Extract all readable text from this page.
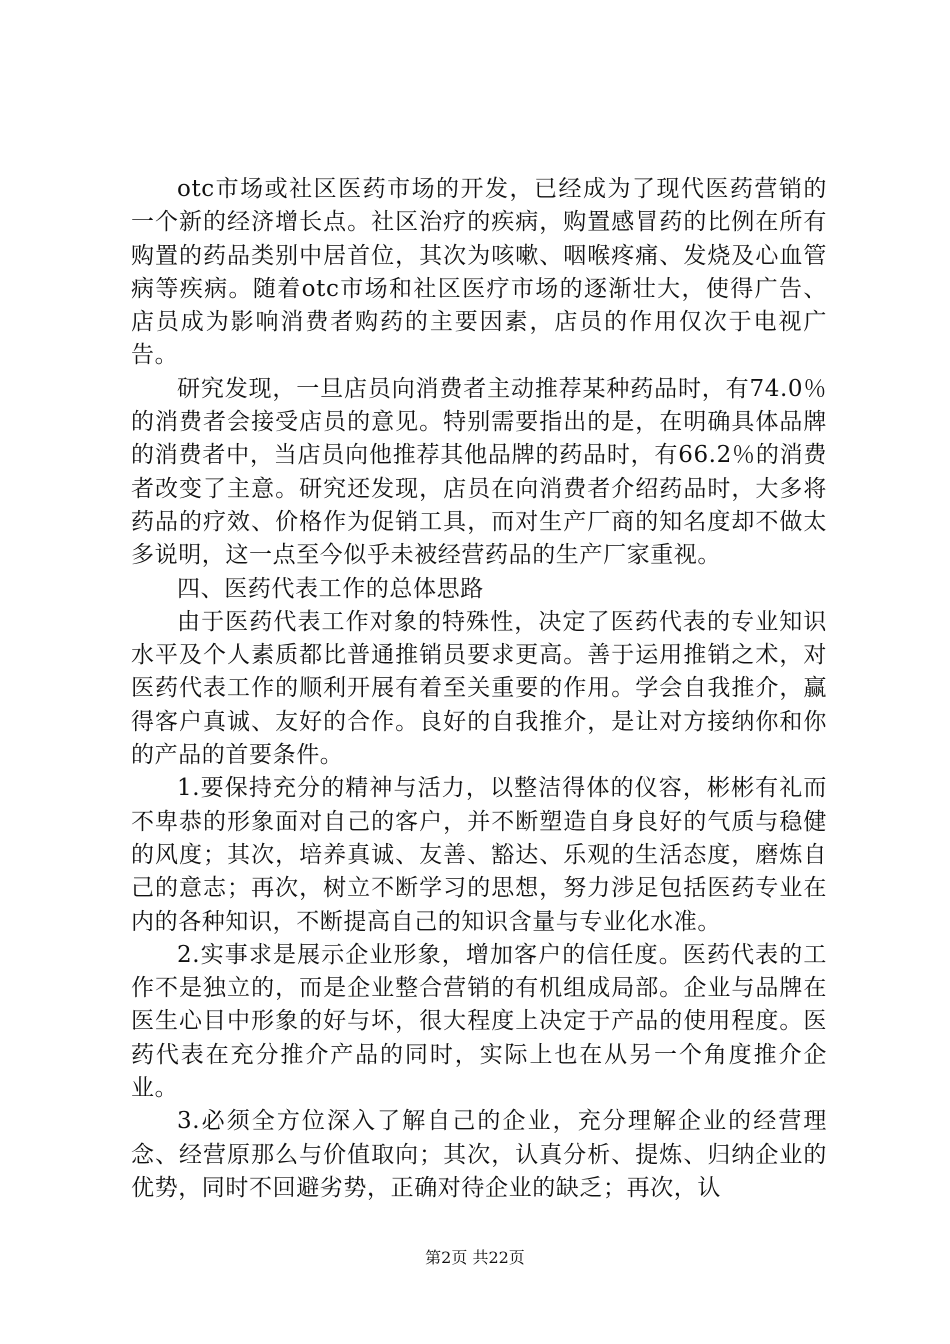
otc市场或社区医药市场的开发，已经成为了现代医药营销的一个新的经济增长点。社区治疗的疾病，购置感冒药的比例在所有购置的药品类别中居首位，其次为咳嗽、咽喉疼痛、发烧及心血管病等疾病。随着otc市场和社区医疗市场的逐渐壮大，使得广告、店员成为影响消费者购药的主要因素，店员的作用仅次于电视广告。

研究发现，一旦店员向消费者主动推荐某种药品时，有74.0％的消费者会接受店员的意见。特别需要指出的是，在明确具体品牌的消费者中，当店员向他推荐其他品牌的药品时，有66.2％的消费者改变了主意。研究还发现，店员在向消费者介绍药品时，大多将药品的疗效、价格作为促销工具，而对生产厂商的知名度却不做太多说明，这一点至今似乎未被经营药品的生产厂家重视。

四、医药代表工作的总体思路

由于医药代表工作对象的特殊性，决定了医药代表的专业知识水平及个人素质都比普通推销员要求更高。善于运用推销之术，对医药代表工作的顺利开展有着至关重要的作用。学会自我推介，赢得客户真诚、友好的合作。良好的自我推介，是让对方接纳你和你的产品的首要条件。

1.要保持充分的精神与活力，以整洁得体的仪容，彬彬有礼而不卑恭的形象面对自己的客户，并不断塑造自身良好的气质与稳健的风度；其次，培养真诚、友善、豁达、乐观的生活态度，磨炼自己的意志；再次，树立不断学习的思想，努力涉足包括医药专业在内的各种知识，不断提高自己的知识含量与专业化水准。

2.实事求是展示企业形象，增加客户的信任度。医药代表的工作不是独立的，而是企业整合营销的有机组成局部。企业与品牌在医生心目中形象的好与坏，很大程度上决定于产品的使用程度。医药代表在充分推介产品的同时，实际上也在从另一个角度推介企业。

3.必须全方位深入了解自己的企业，充分理解企业的经营理念、经营原那么与价值取向；其次，认真分析、提炼、归纳企业的优势，同时不回避劣势，正确对待企业的缺乏；再次，认

第2页 共22页
